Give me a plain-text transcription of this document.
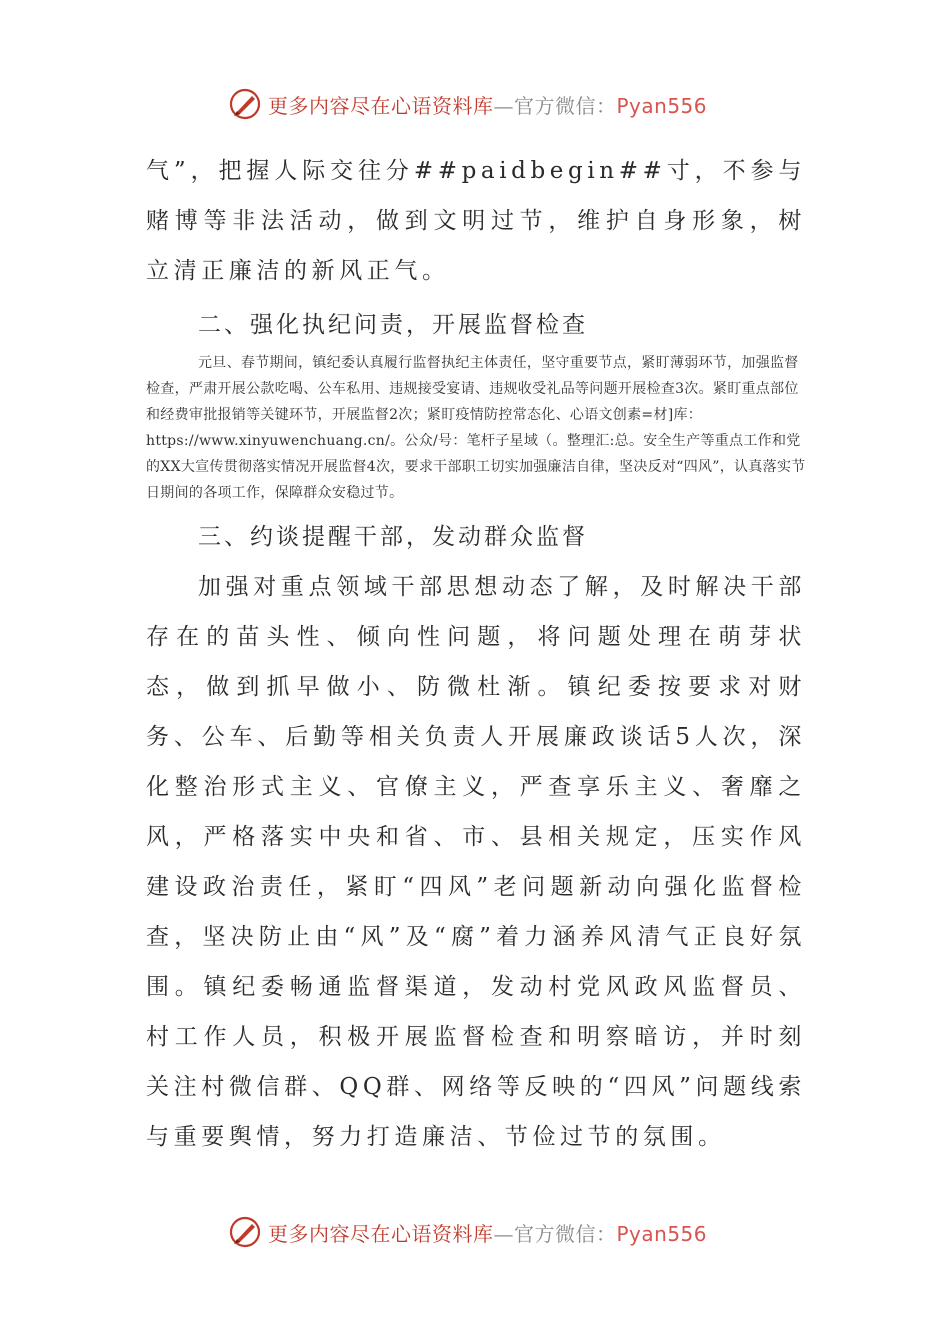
更多内容尽在心语资料库—官方微信：Pyan556

气”，把握人际交往分##paidbegin##寸，不参与赌博等非法活动，做到文明过节，维护自身形象，树立清正廉洁的新风正气。

二、强化执纪问责，开展监督检查

元旦、春节期间，镇纪委认真履行监督执纪主体责任，坚守重要节点，紧盯薄弱环节，加强监督检查，严肃开展公款吃喝、公车私用、违规接受宴请、违规收受礼品等问题开展检查3次。紧盯重点部位和经费审批报销等关键环节，开展监督2次；紧盯疫情防控常态化、心语文创素=材]库：https://www.xinyuwenchuang.cn/。公众/号：笔杆子星域（。整理汇:总。安全生产等重点工作和党的XX大宣传贯彻落实情况开展监督4次，要求干部职工切实加强廉洁自律，坚决反对“四风”，认真落实节日期间的各项工作，保障群众安稳过节。

三、约谈提醒干部，发动群众监督

加强对重点领域干部思想动态了解，及时解决干部存在的苗头性、倾向性问题，将问题处理在萌芽状态，做到抓早做小、防微杜渐。镇纪委按要求对财务、公车、后勤等相关负责人开展廉政谈话5人次，深化整治形式主义、官僚主义，严查享乐主义、奢靡之风，严格落实中央和省、市、县相关规定，压实作风建设政治责任，紧盯“四风”老问题新动向强化监督检查，坚决防止由“风”及“腐”着力涵养风清气正良好氛围。镇纪委畅通监督渠道，发动村党风政风监督员、村工作人员，积极开展监督检查和明察暗访，并时刻关注村微信群、QQ群、网络等反映的“四风”问题线索与重要舆情，努力打造廉洁、节俭过节的氛围。

更多内容尽在心语资料库—官方微信：Pyan556
